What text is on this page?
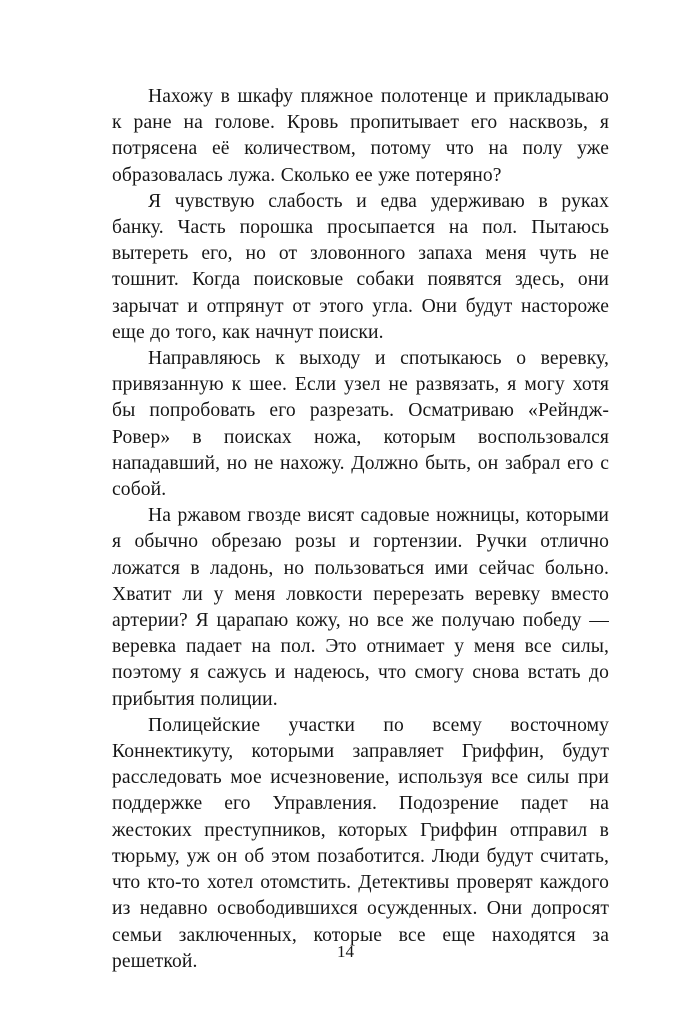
Нахожу в шкафу пляжное полотенце и прикладываю к ране на голове. Кровь пропитывает его насквозь, я потрясена её количеством, потому что на полу уже образовалась лужа. Сколько ее уже потеряно?

Я чувствую слабость и едва удерживаю в руках банку. Часть порошка просыпается на пол. Пытаюсь вытереть его, но от зловонного запаха меня чуть не тошнит. Когда поисковые собаки появятся здесь, они зарычат и отпрянут от этого угла. Они будут настороже еще до того, как начнут поиски.

Направляюсь к выходу и спотыкаюсь о веревку, привязанную к шее. Если узел не развязать, я могу хотя бы попробовать его разрезать. Осматриваю «Рейндж-Ровер» в поисках ножа, которым воспользовался нападавший, но не нахожу. Должно быть, он забрал его с собой.

На ржавом гвозде висят садовые ножницы, которыми я обычно обрезаю розы и гортензии. Ручки отлично ложатся в ладонь, но пользоваться ими сейчас больно. Хватит ли у меня ловкости перерезать веревку вместо артерии? Я царапаю кожу, но все же получаю победу — веревка падает на пол. Это отнимает у меня все силы, поэтому я сажусь и надеюсь, что смогу снова встать до прибытия полиции.

Полицейские участки по всему восточному Коннектикуту, которыми заправляет Гриффин, будут расследовать мое исчезновение, используя все силы при поддержке его Управления. Подозрение падет на жестоких преступников, которых Гриффин отправил в тюрьму, уж он об этом позаботится. Люди будут считать, что кто-то хотел отомстить. Детективы проверят каждого из недавно освободившихся осужденных. Они допросят семьи заключенных, которые все еще находятся за решеткой.	14
